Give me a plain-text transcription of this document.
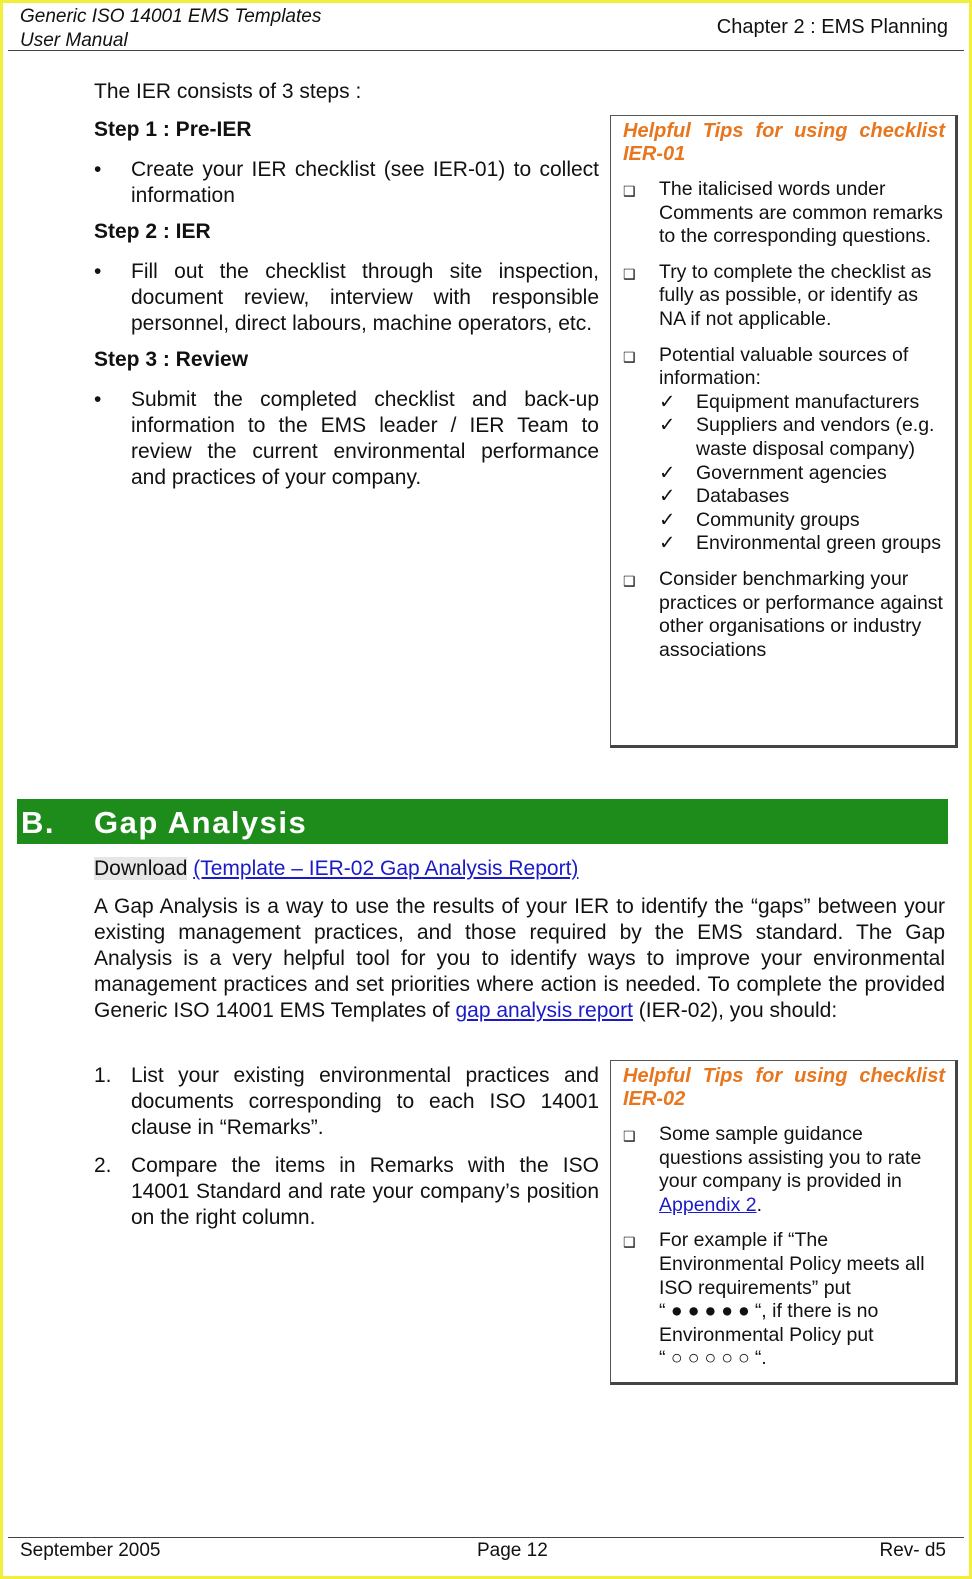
Generic ISO 14001 EMS Templates
User Manual
Chapter 2 : EMS Planning
The IER consists of 3 steps :
Step 1 : Pre-IER
•	Create your IER checklist (see IER-01) to collect information
Step 2 : IER
•	Fill out the checklist through site inspection, document review, interview with responsible personnel, direct labours, machine operators, etc.
Step 3 : Review
•	Submit the completed checklist and back-up information to the EMS leader / IER Team to review the current environmental performance and practices of your company.
Helpful Tips for using checklist
IER-01
❑	The italicised words under Comments are common remarks to the corresponding questions.
❑	Try to complete the checklist as fully as possible, or identify as NA if not applicable.
❑	Potential valuable sources of information:
✓	Equipment manufacturers
✓	Suppliers and vendors (e.g. waste disposal company)
✓	Government agencies
✓	Databases
✓	Community groups
✓	Environmental green groups
❑	Consider benchmarking your practices or performance against other organisations or industry associations
B. Gap Analysis
Download (Template – IER-02 Gap Analysis Report)
A Gap Analysis is a way to use the results of your IER to identify the “gaps” between your existing management practices, and those required by the EMS standard. The Gap Analysis is a very helpful tool for you to identify ways to improve your environmental management practices and set priorities where action is needed. To complete the provided Generic ISO 14001 EMS Templates of gap analysis report (IER-02), you should:
1. List your existing environmental practices and documents corresponding to each ISO 14001 clause in “Remarks”.
2. Compare the items in Remarks with the ISO 14001 Standard and rate your company’s position on the right column.
Helpful Tips for using checklist
IER-02
❑	Some sample guidance questions assisting you to rate your company is provided in Appendix 2.
❑	For example if “The Environmental Policy meets all ISO requirements” put
“ ●●●●●“, if there is no Environmental Policy put
“ ○○○○○“.
September 2005	Page 12	Rev- d5
